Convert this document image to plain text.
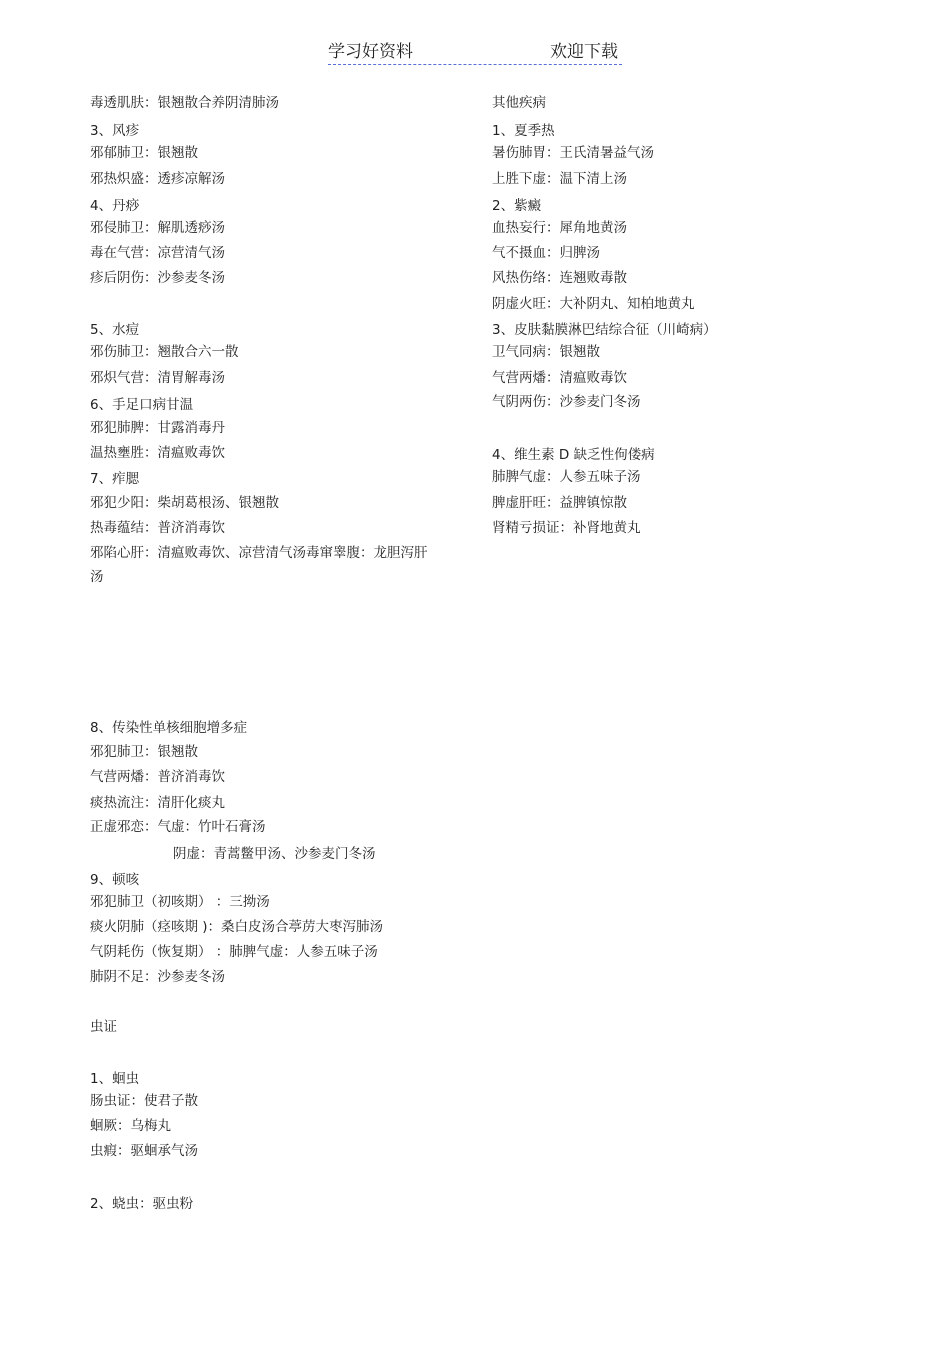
学习好资料	欢迎下载
毒透肌肤：银翘散合养阴清肺汤
3、风疹
邪郁肺卫：银翘散
邪热炽盛：透疹凉解汤
4、丹痧
邪侵肺卫：解肌透痧汤
毒在气营：凉营清气汤
疹后阴伤：沙参麦冬汤
5、水痘
邪伤肺卫：翘散合六一散
邪炽气营：清胃解毒汤
6、手足口病甘温
邪犯肺脾：甘露消毒丹
温热壅胜：清瘟败毒饮
7、痄腮
邪犯少阳：柴胡葛根汤、银翘散
热毒蕴结：普济消毒饮
邪陷心肝：清瘟败毒饮、凉营清气汤毒窜睾腹：龙胆泻肝汤
8、传染性单核细胞增多症
邪犯肺卫：银翘散
气营两燔：普济消毒饮
痰热流注：清肝化痰丸
正虚邪恋：气虚：竹叶石膏汤
阴虚：青蒿鳖甲汤、沙参麦门冬汤
9、顿咳
邪犯肺卫（初咳期） ：三拗汤
痰火阴肺（痉咳期 )：桑白皮汤合葶苈大枣泻肺汤
气阴耗伤（恢复期） ：肺脾气虚：人参五味子汤
肺阴不足：沙参麦冬汤
虫证
1、蛔虫
肠虫证：使君子散
蛔厥：乌梅丸
虫瘕：驱蛔承气汤
2、蛲虫：驱虫粉
其他疾病
1、夏季热
暑伤肺胃：王氏清暑益气汤
上胜下虚：温下清上汤
2、紫癜
血热妄行：犀角地黄汤
气不摄血：归脾汤
风热伤络：连翘败毒散
阴虚火旺：大补阴丸、知柏地黄丸
3、皮肤黏膜淋巴结综合征（川崎病）
卫气同病：银翘散
气营两燔：清瘟败毒饮
气阴两伤：沙参麦门冬汤
4、维生素 D 缺乏性佝偻病
肺脾气虚：人参五味子汤
脾虚肝旺：益脾镇惊散
肾精亏损证：补肾地黄丸
